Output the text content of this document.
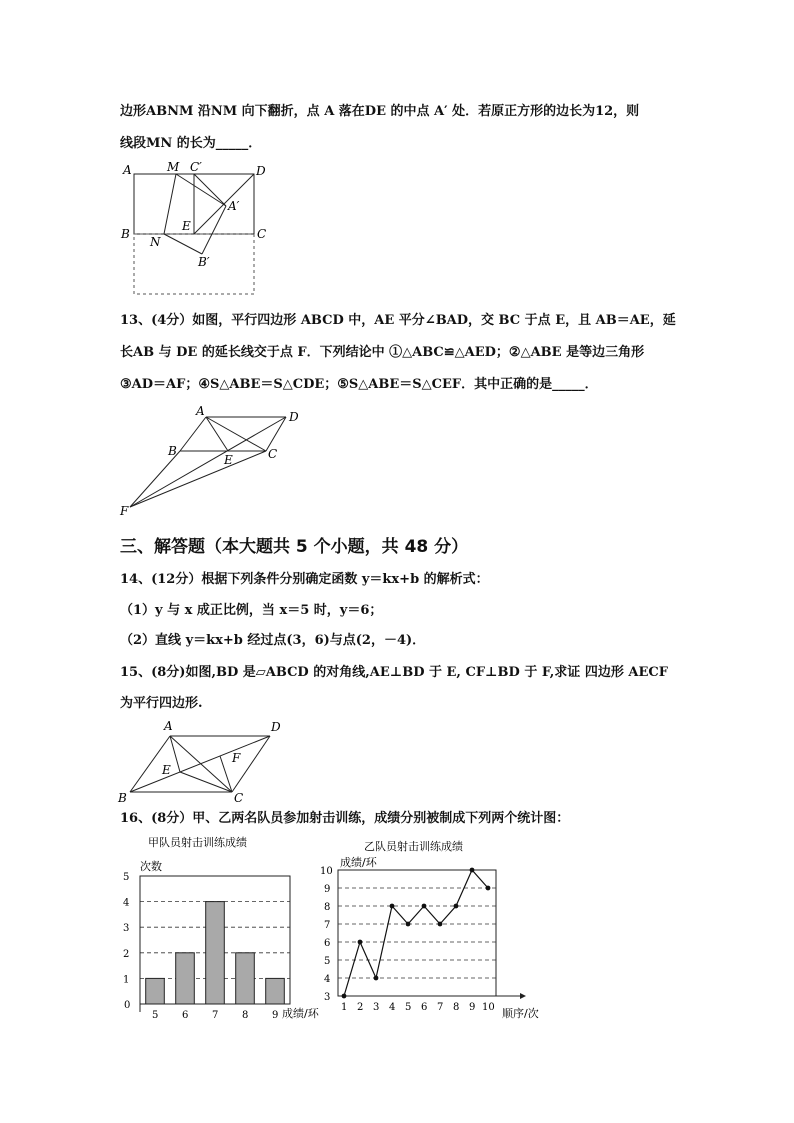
边形ABNM 沿NM 向下翻折，点 A 落在DE 的中点 A′ 处．若原正方形的边长为12，则
线段MN 的长为_____．
A	M C′	D
A′
E
B
N
C
B′
13、(4分）如图，平行四边形 ABCD 中，AE 平分∠BAD，交 BC 于点 E，且 AB＝AE，延
长AB 与 DE 的延长线交于点 F．下列结论中 ①△ABC≌△AED；②△ABE 是等边三角形
③AD＝AF；④S△ABE＝S△CDE；⑤S△ABE＝S△CEF．其中正确的是_____．
A	D
B
E	C
F
三、解答题（本大题共 5 个小题，共 48 分）
14、(12分）根据下列条件分别确定函数 y＝kx+b 的解析式：
（1）y 与 x 成正比例，当 x＝5 时，y＝6；
（2）直线 y＝kx+b 经过点(3，6)与点(2，－4)．
15、(8分)如图,BD 是▱ABCD 的对角线,AE⊥BD 于 E, CF⊥BD 于 F,求证 四边形 AECF
为平行四边形.
A	D
E
F
B	C
16、(8分）甲、乙两名队员参加射击训练，成绩分别被制成下列两个统计图：
甲队员射击训练成绩
次数
成绩/环
0
1
2
3
4
5
5 6 7 8 9
乙队员射击训练成绩
成绩/环
顺序/次
3
4
5
6
7
8
9
10
1 2 3 4 5 6 7 8 9 10
